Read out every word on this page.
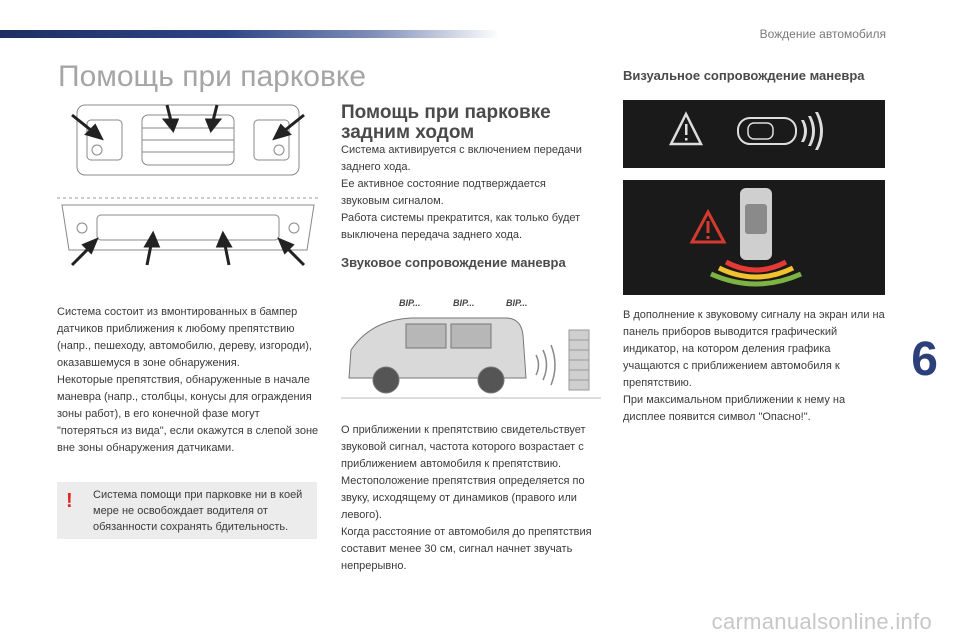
Вождение автомобиля
Помощь при парковке
6

Система состоит из вмонтированных в бампер датчиков приближения к любому препятствию (напр., пешеходу, автомобилю, дереву, изгороди), оказавшемуся в зоне обнаружения.

Некоторые препятствия, обнаруженные в начале маневра (напр., столбцы, конусы для ограждения зоны работ), в его конечной фазе могут "потеряться из вида", если окажутся в слепой зоне вне зоны обнаружения датчиками.

! Система помощи при парковке ни в коей мере не освобождает водителя от обязанности сохранять бдительность.
Помощь при парковке задним ходом

Система активируется с включением передачи заднего хода.

Ее активное состояние подтверждается звуковым сигналом.

Работа системы прекратится, как только будет выключена передача заднего хода.

Звуковое сопровождение маневра
BIP...	BIP...	BIP...

О приближении к препятствию свидетельствует звуковой сигнал, частота которого возрастает с приближением автомобиля к препятствию.

Местоположение препятствия определяется по звуку, исходящему от динамиков (правого или левого).

Когда расстояние от автомобиля до препятствия составит менее 30 см, сигнал начнет звучать непрерывно.

Визуальное сопровождение маневра

В дополнение к звуковому сигналу на экран или на панель приборов выводится графический индикатор, на котором деления графика учащаются с приближением автомобиля к препятствию.

При максимальном приближении к нему на дисплее появится символ "Опасно!".

carmanualsonline.info
